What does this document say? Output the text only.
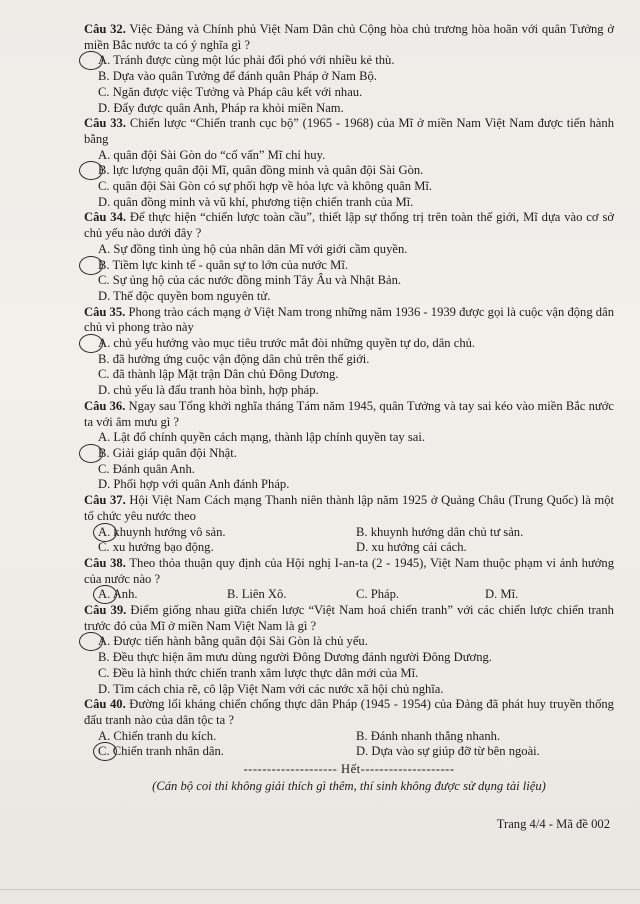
Câu 32. Việc Đảng và Chính phủ Việt Nam Dân chủ Cộng hòa chủ trương hòa hoãn với quân Tưởng ở miền Bắc nước ta có ý nghĩa gì ?
A. Tránh được cùng một lúc phải đối phó với nhiều kẻ thù.
B. Dựa vào quân Tưởng để đánh quân Pháp ở Nam Bộ.
C. Ngăn được việc Tưởng và Pháp câu kết với nhau.
D. Đẩy được quân Anh, Pháp ra khỏi miền Nam.
Câu 33. Chiến lược “Chiến tranh cục bộ” (1965 - 1968) của Mĩ ở miền Nam Việt Nam được tiến hành bằng
A. quân đội Sài Gòn do “cố vấn” Mĩ chỉ huy.
B. lực lượng quân đội Mĩ, quân đồng minh và quân đội Sài Gòn.
C. quân đội Sài Gòn có sự phối hợp về hỏa lực và không quân Mĩ.
D. quân đồng minh và vũ khí, phương tiện chiến tranh của Mĩ.
Câu 34. Để thực hiện “chiến lược toàn cầu”, thiết lập sự thống trị trên toàn thế giới, Mĩ dựa vào cơ sở chủ yếu nào dưới đây ?
A. Sự đồng tình ủng hộ của nhân dân Mĩ với giới cầm quyền.
B. Tiềm lực kinh tế - quân sự to lớn của nước Mĩ.
C. Sự ủng hộ của các nước đồng minh Tây Âu và Nhật Bản.
D. Thế độc quyền bom nguyên tử.
Câu 35. Phong trào cách mạng ở Việt Nam trong những năm 1936 - 1939 được gọi là cuộc vận động dân chủ vì phong trào này
A. chủ yếu hướng vào mục tiêu trước mắt đòi những quyền tự do, dân chủ.
B. đã hưởng ứng cuộc vận động dân chủ trên thế giới.
C. đã thành lập Mặt trận Dân chủ Đông Dương.
D. chủ yếu là đấu tranh hòa bình, hợp pháp.
Câu 36. Ngay sau Tổng khởi nghĩa tháng Tám năm 1945, quân Tưởng và tay sai kéo vào miền Bắc nước ta với âm mưu gì ?
A. Lật đổ chính quyền cách mạng, thành lập chính quyền tay sai.
B. Giải giáp quân đội Nhật.
C. Đánh quân Anh.
D. Phối hợp với quân Anh đánh Pháp.
Câu 37. Hội Việt Nam Cách mạng Thanh niên thành lập năm 1925 ở Quảng Châu (Trung Quốc) là một tổ chức yêu nước theo
A. khuynh hướng vô sản.	B. khuynh hướng dân chủ tư sản.
C. xu hướng bạo động.	D. xu hướng cải cách.
Câu 38. Theo thỏa thuận quy định của Hội nghị I-an-ta (2 - 1945), Việt Nam thuộc phạm vi ảnh hưởng của nước nào ?
A. Anh.	B. Liên Xô.	C. Pháp.	D. Mĩ.
Câu 39. Điểm giống nhau giữa chiến lược “Việt Nam hoá chiến tranh” với các chiến lược chiến tranh trước đó của Mĩ ở miền Nam Việt Nam là gì ?
A. Được tiến hành bằng quân đội Sài Gòn là chủ yếu.
B. Đều thực hiện âm mưu dùng người Đông Dương đánh người Đông Dương.
C. Đều là hình thức chiến tranh xâm lược thực dân mới của Mĩ.
D. Tìm cách chia rẽ, cô lập Việt Nam với các nước xã hội chủ nghĩa.
Câu 40. Đường lối kháng chiến chống thực dân Pháp (1945 - 1954) của Đảng đã phát huy truyền thống đấu tranh nào của dân tộc ta ?
A. Chiến tranh du kích.	B. Đánh nhanh thắng nhanh.
C. Chiến tranh nhân dân.	D. Dựa vào sự giúp đỡ từ bên ngoài.
-------------------- Hết--------------------
(Cán bộ coi thi không giải thích gì thêm, thí sinh không được sử dụng tài liệu)
Trang 4/4 - Mã đề 002
